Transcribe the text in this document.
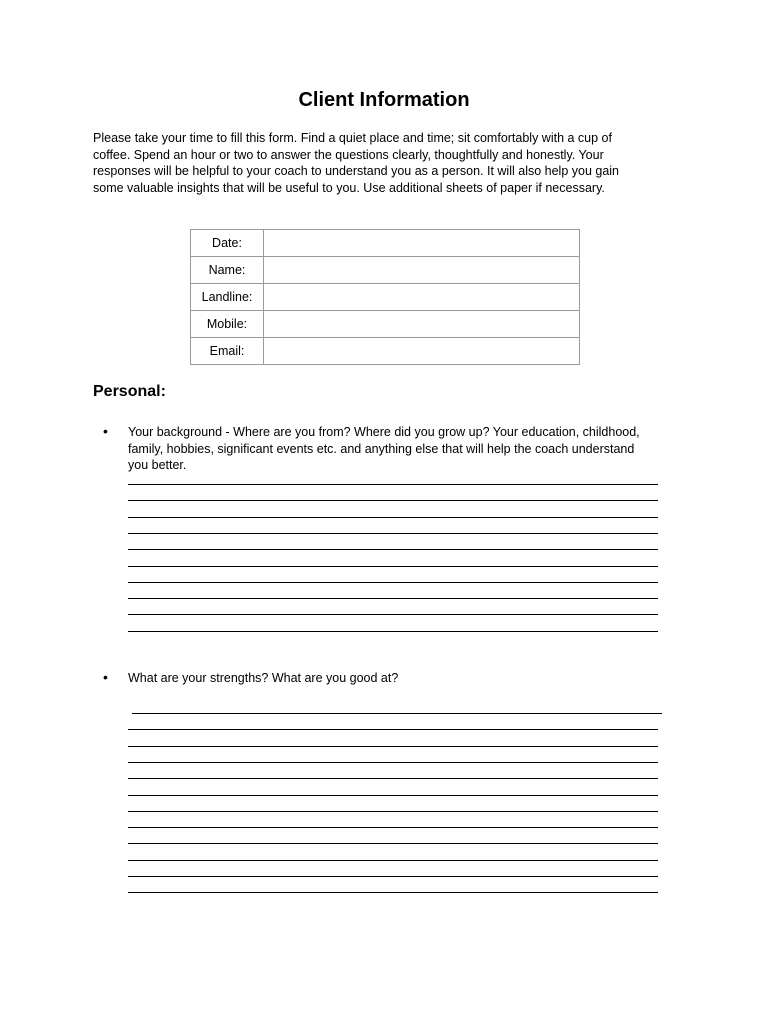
Client Information

Please take your time to fill this form. Find a quiet place and time; sit comfortably with a cup of

coffee. Spend an hour or two to answer the questions clearly, thoughtfully and honestly. Your

responses will be helpful to your coach to understand you as a person. It will also help you gain

some valuable insights that will be useful to you. Use additional sheets of paper if necessary.

Date:	
Name:	
Landline:	
Mobile:	
Email:	
Personal:
• Your background - Where are you from? Where did you grow up? Your education, childhood,

family, hobbies, significant events etc. and anything else that will help the coach understand

you better.

• What are your strengths? What are you good at?
